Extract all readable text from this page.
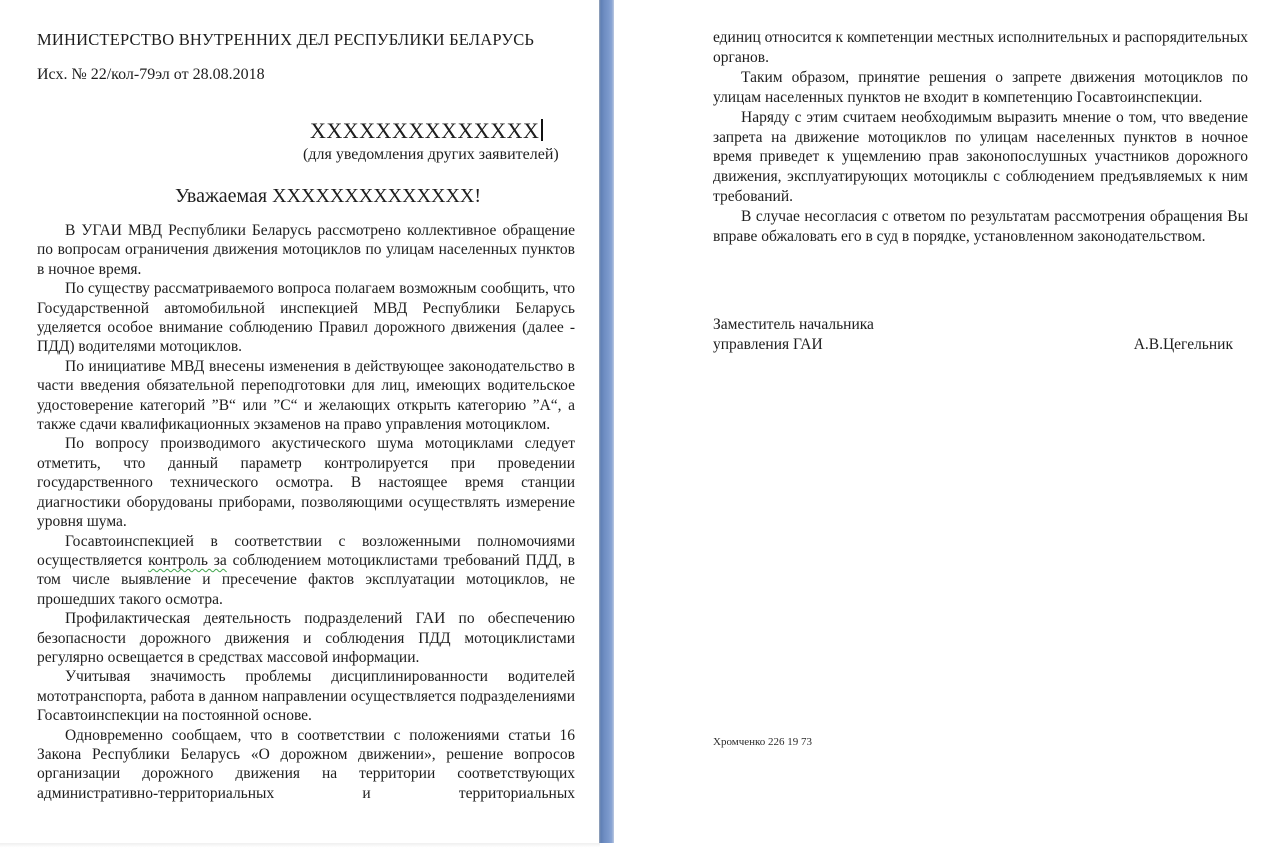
МИНИСТЕРСТВО ВНУТРЕННИХ ДЕЛ РЕСПУБЛИКИ БЕЛАРУСЬ
Исх. № 22/кол-79эл от 28.08.2018
ХХХХХХХХХХХХХХ
(для уведомления других заявителей)
Уважаемая ХХХХХХХХХХХХХХ!

В УГАИ МВД Республики Беларусь рассмотрено коллективное обращение по вопросам ограничения движения мотоциклов по улицам населенных пунктов в ночное время.

По существу рассматриваемого вопроса полагаем возможным сообщить, что Государственной автомобильной инспекцией МВД Республики Беларусь уделяется особое внимание соблюдению Правил дорожного движения (далее - ПДД) водителями мотоциклов.

По инициативе МВД внесены изменения в действующее законодательство в части введения обязательной переподготовки для лиц, имеющих водительское удостоверение категорий ”В“ или ”С“ и желающих открыть категорию ”А“, а также сдачи квалификационных экзаменов на право управления мотоциклом.

По вопросу производимого акустического шума мотоциклами следует отметить, что данный параметр контролируется при проведении государственного технического осмотра. В настоящее время станции диагностики оборудованы приборами, позволяющими осуществлять измерение уровня шума.

Госавтоинспекцией в соответствии с возложенными полномочиями осуществляется контроль за соблюдением мотоциклистами требований ПДД, в том числе выявление и пресечение фактов эксплуатации мотоциклов, не прошедших такого осмотра.

Профилактическая деятельность подразделений ГАИ по обеспечению безопасности дорожного движения и соблюдения ПДД мотоциклистами регулярно освещается в средствах массовой информации.

Учитывая значимость проблемы дисциплинированности водителей мототранспорта, работа в данном направлении осуществляется подразделениями Госавтоинспекции на постоянной основе.

Одновременно сообщаем, что в соответствии с положениями статьи 16 Закона Республики Беларусь «О дорожном движении», решение вопросов организации дорожного движения на территории соответствующих административно-территориальных и территориальных

единиц относится к компетенции местных исполнительных и распорядительных органов.

Таким образом, принятие решения о запрете движения мотоциклов по улицам населенных пунктов не входит в компетенцию Госавтоинспекции.

Наряду с этим считаем необходимым выразить мнение о том, что введение запрета на движение мотоциклов по улицам населенных пунктов в ночное время приведет к ущемлению прав законопослушных участников дорожного движения, эксплуатирующих мотоциклы с соблюдением предъявляемых к ним требований.

В случае несогласия с ответом по результатам рассмотрения обращения Вы вправе обжаловать его в суд в порядке, установленном законодательством.

Заместитель начальника
управления ГАИ	А.В.Цегельник
Хромченко 226 19 73
